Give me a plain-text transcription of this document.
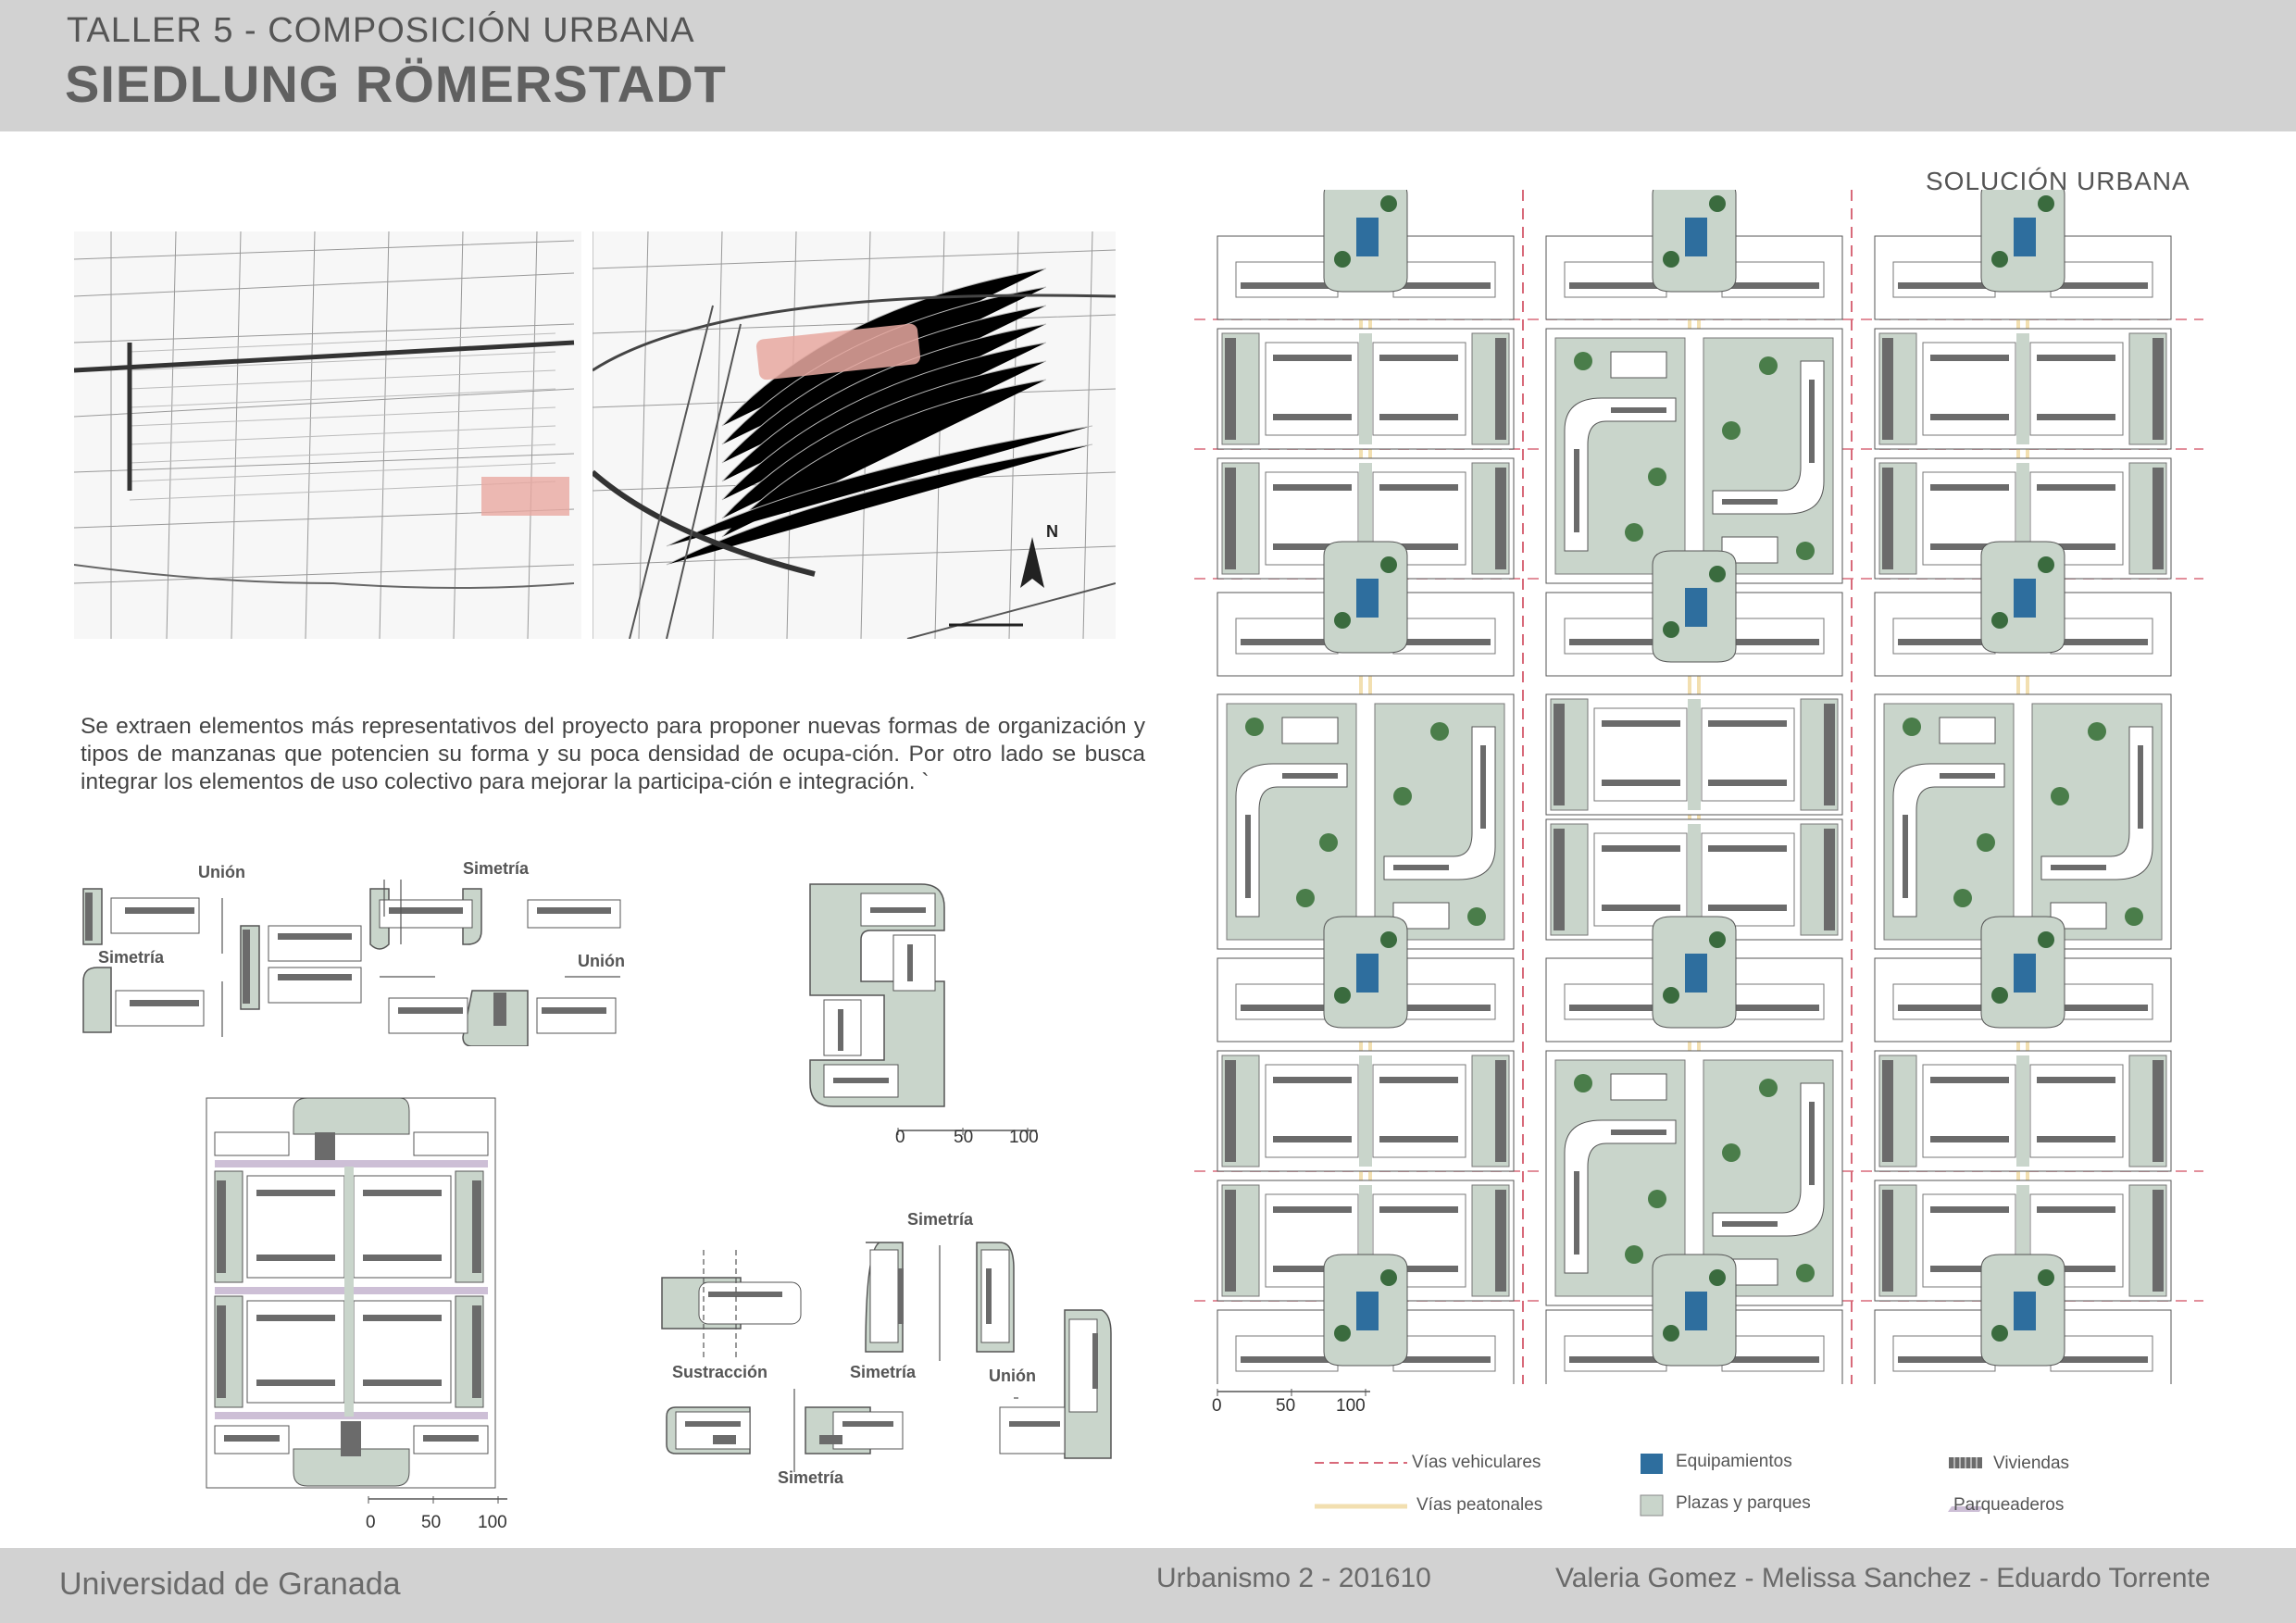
TALLER 5 - COMPOSICIÓN URBANA
SIEDLUNG RÖMERSTADT
N
Se extraen elementos más representativos del proyecto para proponer nuevas formas de organización y tipos de manzanas que potencien su forma y su poca densidad de ocupa-ción. Por otro lado se busca integrar los elementos de uso colectivo para mejorar la participa-ción e integración. `
Unión
Simetría
Simetría
Unión
0	50 100
0	50 100
Simetría
Sustracción	Simetría	Unión
Simetría
SOLUCIÓN URBANA
0	50 100
Vías vehiculares
Vías peatonales
Equipamientos
Plazas y parques
Viviendas
Parqueaderos
Universidad de Granada	Urbanismo 2 - 201610	Valeria Gomez - Melissa Sanchez - Eduardo Torrente
